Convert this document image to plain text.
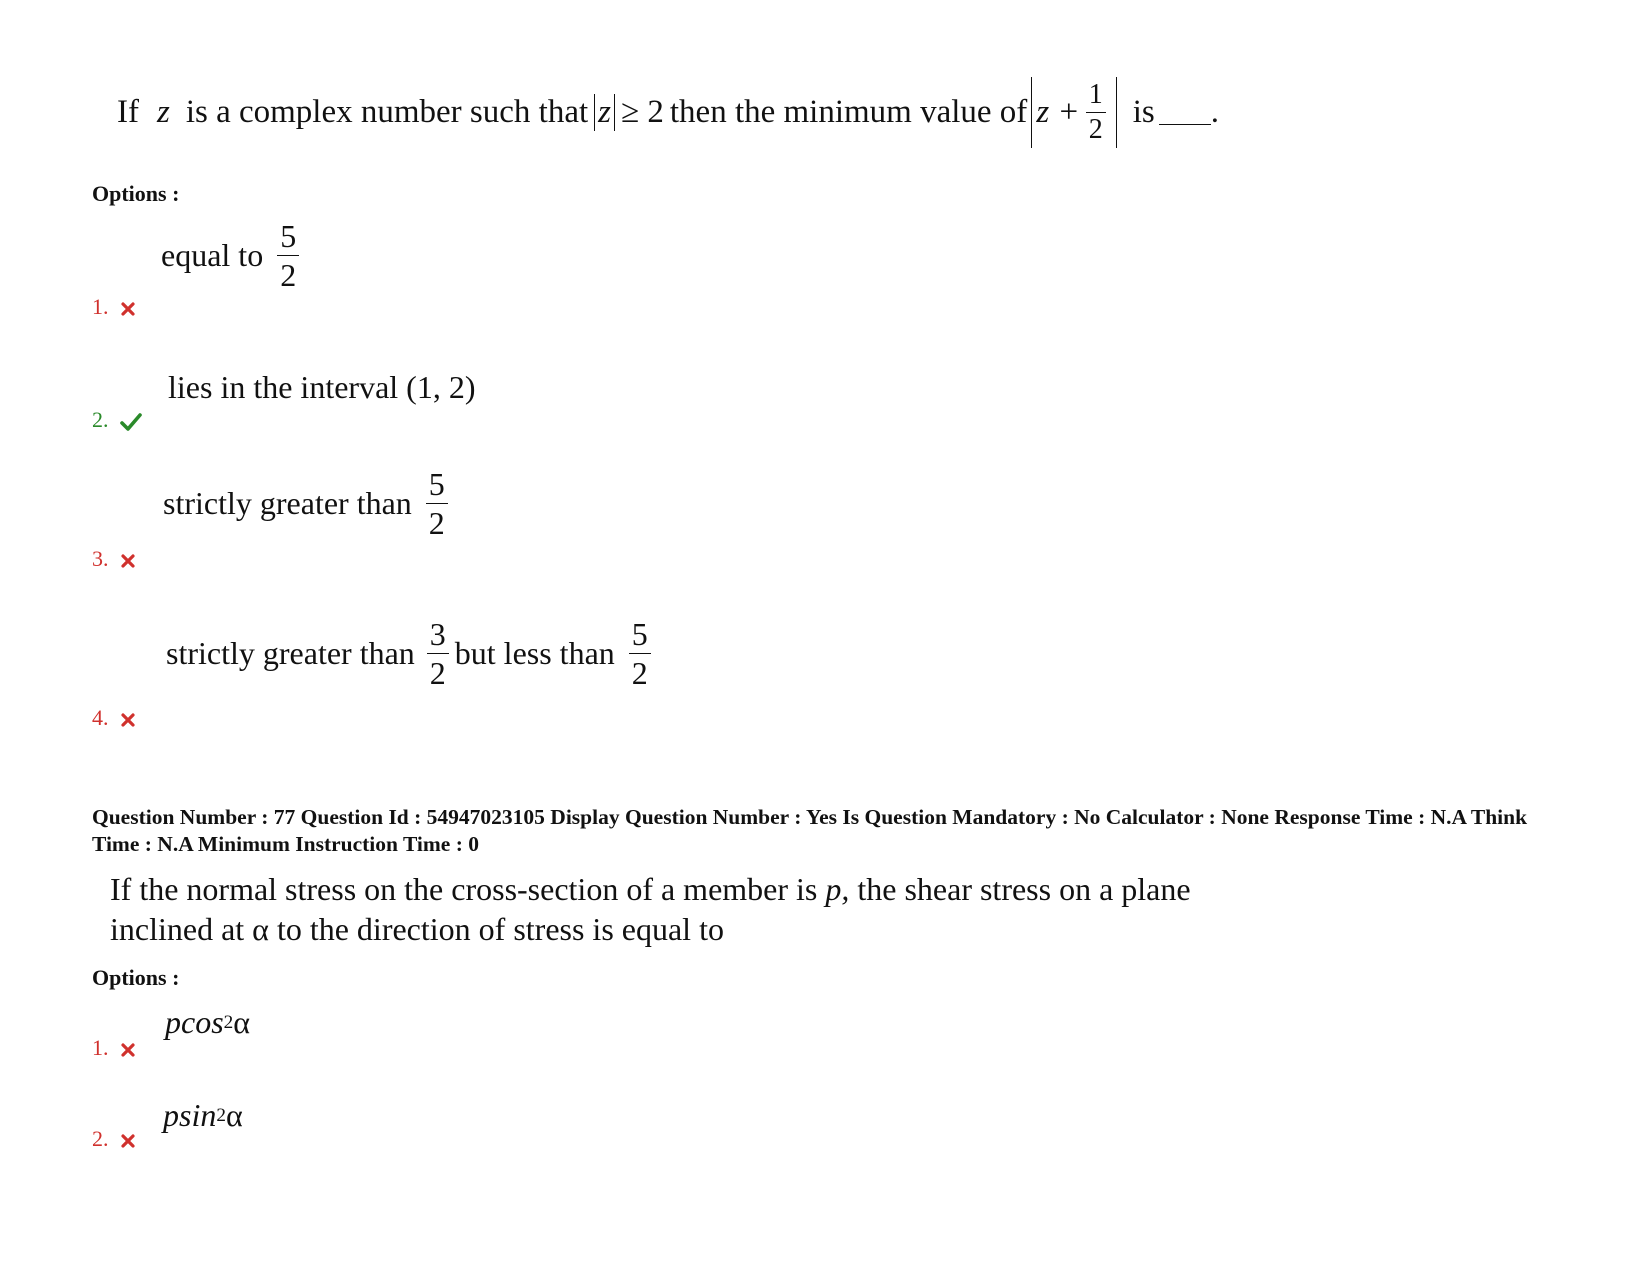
If z is a complex number such that z ≥ 2 then the minimum value of $z + \frac{1}{2}$ is .
Options :
equal to $\frac{5}{2}$
1.
lies in the interval (1, 2)
2.
strictly greater than $\frac{5}{2}$
3.
strictly greater than $\frac{3}{2}$ but less than $\frac{5}{2}$
4.
Question Number : 77 Question Id : 54947023105 Display Question Number : Yes Is Question Mandatory : No Calculator : None Response Time : N.A Think Time : N.A Minimum Instruction Time : 0
If the normal stress on the cross-section of a member is p, the shear stress on a plane
inclined at α to the direction of stress is equal to
Options :
pcos 2 α
1.
psin 2 α
2.
